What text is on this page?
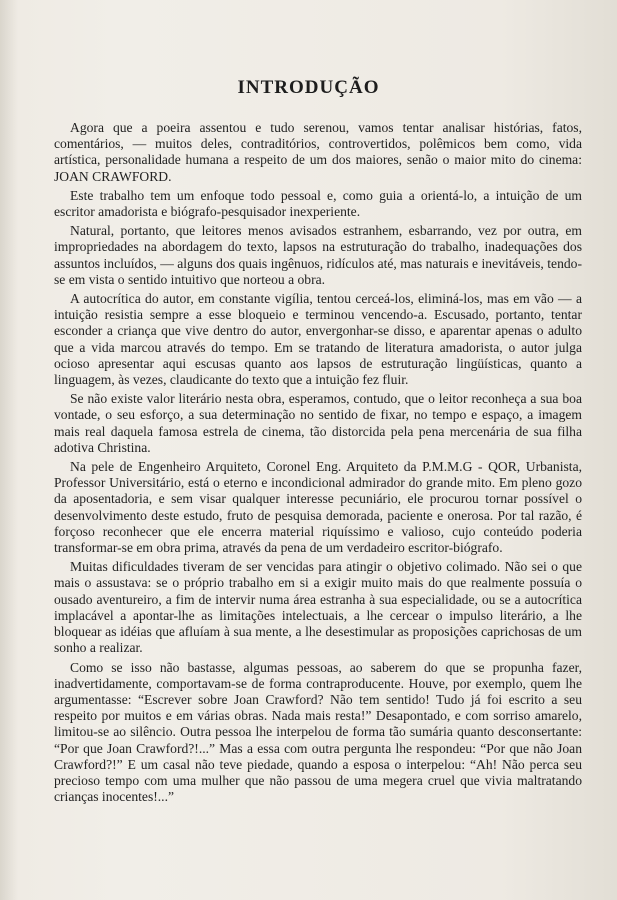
INTRODUÇÃO

Agora que a poeira assentou e tudo serenou, vamos tentar analisar histórias, fatos, comentários, — muitos deles, contraditórios, controvertidos, polêmicos bem como, vida artística, personalidade humana a respeito de um dos maiores, senão o maior mito do cinema: JOAN CRAWFORD.

Este trabalho tem um enfoque todo pessoal e, como guia a orientá-lo, a intuição de um escritor amadorista e biógrafo-pesquisador inexperiente.

Natural, portanto, que leitores menos avisados estranhem, esbarrando, vez por outra, em impropriedades na abordagem do texto, lapsos na estruturação do trabalho, inadequações dos assuntos incluídos, — alguns dos quais ingênuos, ridículos até, mas naturais e inevitáveis, tendo-se em vista o sentido intuitivo que norteou a obra.

A autocrítica do autor, em constante vigília, tentou cerceá-los, eliminá-los, mas em vão — a intuição resistia sempre a esse bloqueio e terminou vencendo-a. Escusado, portanto, tentar esconder a criança que vive dentro do autor, envergonhar-se disso, e aparentar apenas o adulto que a vida marcou através do tempo. Em se tratando de literatura amadorista, o autor julga ocioso apresentar aqui escusas quanto aos lapsos de estruturação lingüísticas, quanto a linguagem, às vezes, claudicante do texto que a intuição fez fluir.

Se não existe valor literário nesta obra, esperamos, contudo, que o leitor reconheça a sua boa vontade, o seu esforço, a sua determinação no sentido de fixar, no tempo e espaço, a imagem mais real daquela famosa estrela de cinema, tão distorcida pela pena mercenária de sua filha adotiva Christina.

Na pele de Engenheiro Arquiteto, Coronel Eng. Arquiteto da P.M.M.G - QOR, Urbanista, Professor Universitário, está o eterno e incondicional admirador do grande mito. Em pleno gozo da aposentadoria, e sem visar qualquer interesse pecuniário, ele procurou tornar possível o desenvolvimento deste estudo, fruto de pesquisa demorada, paciente e onerosa. Por tal razão, é forçoso reconhecer que ele encerra material riquíssimo e valioso, cujo conteúdo poderia transformar-se em obra prima, através da pena de um verdadeiro escritor-biógrafo.

Muitas dificuldades tiveram de ser vencidas para atingir o objetivo colimado. Não sei o que mais o assustava: se o próprio trabalho em si a exigir muito mais do que realmente possuía o ousado aventureiro, a fim de intervir numa área estranha à sua especialidade, ou se a autocrítica implacável a apontar-lhe as limitações intelectuais, a lhe cercear o impulso literário, a lhe bloquear as idéias que afluíam à sua mente, a lhe desestimular as proposições caprichosas de um sonho a realizar.

Como se isso não bastasse, algumas pessoas, ao saberem do que se propunha fazer, inadvertidamente, comportavam-se de forma contraproducente. Houve, por exemplo, quem lhe argumentasse: “Escrever sobre Joan Crawford? Não tem sentido! Tudo já foi escrito a seu respeito por muitos e em várias obras. Nada mais resta!” Desapontado, e com sorriso amarelo, limitou-se ao silêncio. Outra pessoa lhe interpelou de forma tão sumária quanto desconsertante: “Por que Joan Crawford?!...” Mas a essa com outra pergunta lhe respondeu: “Por que não Joan Crawford?!” E um casal não teve piedade, quando a esposa o interpelou: “Ah! Não perca seu precioso tempo com uma mulher que não passou de uma megera cruel que vivia maltratando crianças inocentes!...”
